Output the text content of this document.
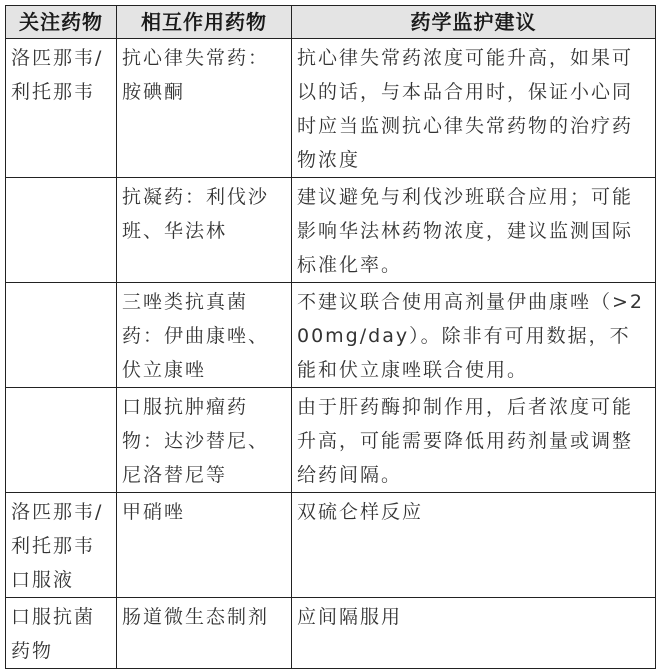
关注药物	相互作用药物	药学监护建议
洛匹那韦/利托那韦	抗心律失常药：胺碘酮	抗心律失常药浓度可能升高，如果可以的话，与本品合用时，保证小心同时应当监测抗心律失常药物的治疗药物浓度
	抗凝药：利伐沙班、华法林	建议避免与利伐沙班联合应用；可能影响华法林药物浓度，建议监测国际标准化率。
	三唑类抗真菌药：伊曲康唑、伏立康唑	不建议联合使用高剂量伊曲康唑（>200mg/day）。除非有可用数据，不能和伏立康唑联合使用。
	口服抗肿瘤药物：达沙替尼、尼洛替尼等	由于肝药酶抑制作用，后者浓度可能升高，可能需要降低用药剂量或调整给药间隔。
洛匹那韦/利托那韦口服液	甲硝唑	双硫仑样反应
口服抗菌药物	肠道微生态制剂	应间隔服用
